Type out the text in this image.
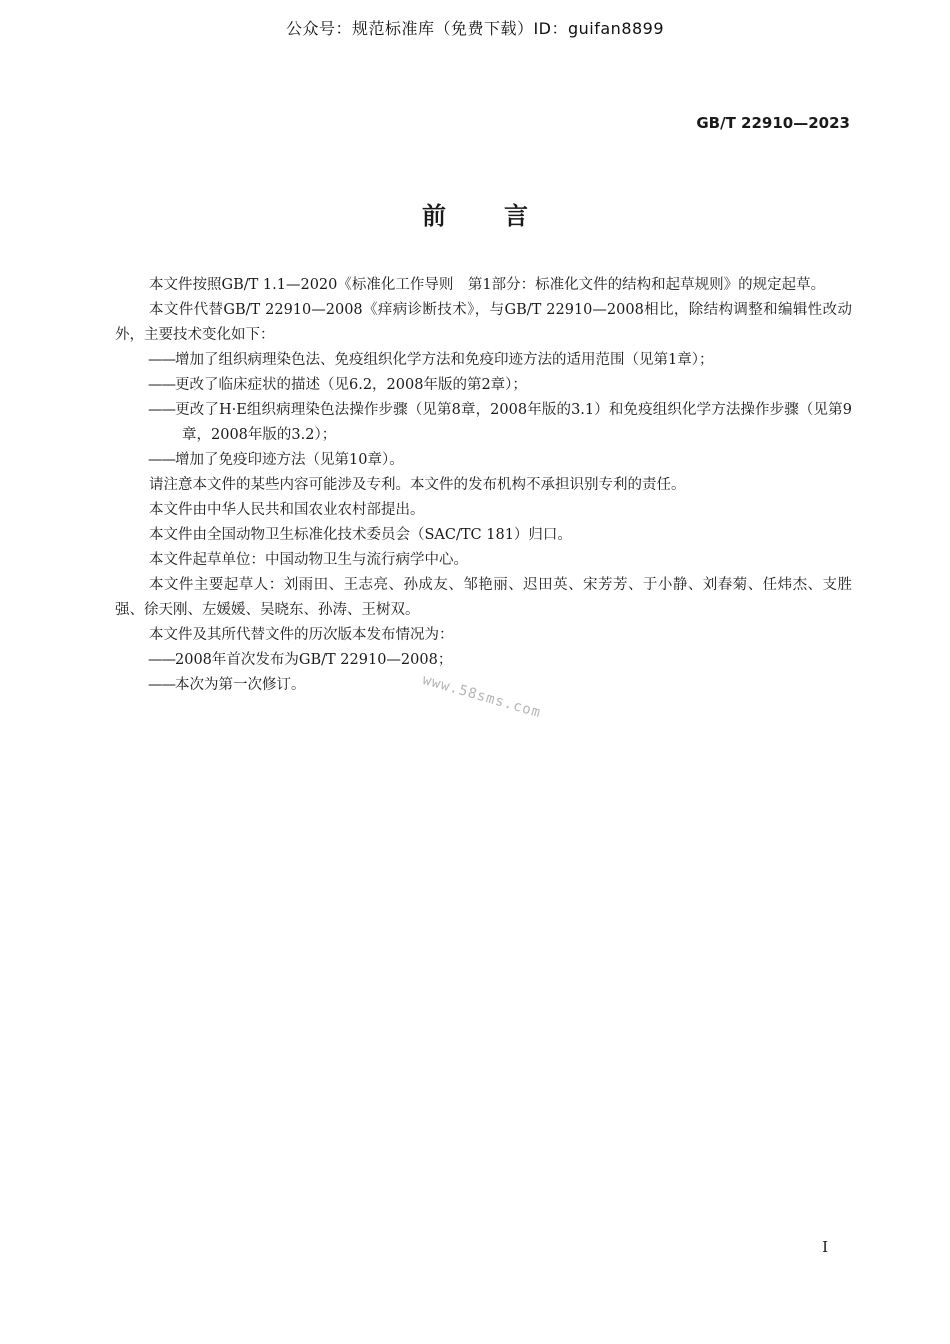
公众号：规范标准库（免费下载）ID：guifan8899
GB/T 22910—2023
前言

本文件按照GB/T 1.1—2020《标准化工作导则　第1部分：标准化文件的结构和起草规则》的规定起草。

本文件代替GB/T 22910—2008《痒病诊断技术》，与GB/T 22910—2008相比，除结构调整和编辑性改动外，主要技术变化如下：

——增加了组织病理染色法、免疫组织化学方法和免疫印迹方法的适用范围（见第1章）；

——更改了临床症状的描述（见6.2，2008年版的第2章）；

——更改了H·E组织病理染色法操作步骤（见第8章，2008年版的3.1）和免疫组织化学方法操作步骤（见第9章，2008年版的3.2）；

——增加了免疫印迹方法（见第10章）。

请注意本文件的某些内容可能涉及专利。本文件的发布机构不承担识别专利的责任。

本文件由中华人民共和国农业农村部提出。

本文件由全国动物卫生标准化技术委员会（SAC/TC 181）归口。

本文件起草单位：中国动物卫生与流行病学中心。

本文件主要起草人：刘雨田、王志亮、孙成友、邹艳丽、迟田英、宋芳芳、于小静、刘春菊、任炜杰、支胜强、徐天刚、左媛媛、吴晓东、孙涛、王树双。

本文件及其所代替文件的历次版本发布情况为：

——2008年首次发布为GB/T 22910—2008；

——本次为第一次修订。	www.58sms.com
I
